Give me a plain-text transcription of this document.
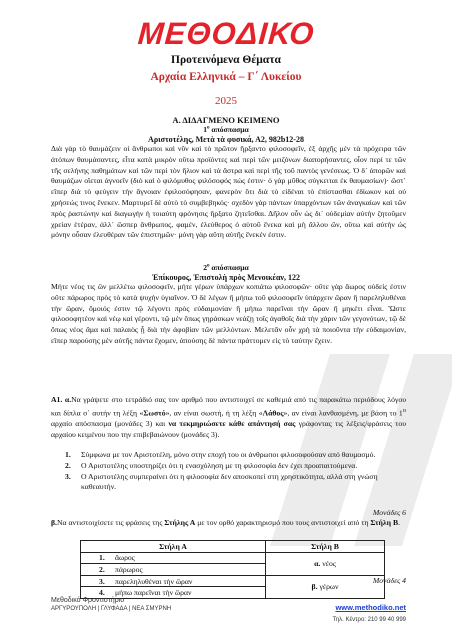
ΜΕΘΟΔΙΚΟ
Προτεινόμενα Θέματα
Αρχαία Ελληνικά – Γ΄ Λυκείου
2025
Α. ΔΙΔΑΓΜΕΝΟ ΚΕΙΜΕΝΟ
$1^o$ απόσπασμα
Αριστοτέλης, Μετὰ τὰ φυσικά, Α2, 982b12-28
Διὰ γὰρ τὸ θαυμάζειν οἱ ἄνθρωποι καὶ νῦν καὶ τὸ πρῶτον ἤρξαντο φιλοσοφεῖν, ἐξ ἀρχῆς μὲν τὰ πρόχειρα τῶν ἀτόπων θαυμάσαντες, εἶτα κατὰ μικρὸν οὕτω προϊόντες καὶ περὶ τῶν μειζόνων διαπορήσαντες, οἷον περί τε τῶν τῆς σελήνης παθημάτων καὶ τῶν περὶ τὸν ἥλιον καὶ τὰ ἄστρα καὶ περὶ τῆς τοῦ παντὸς γενέσεως. Ὁ δ᾽ ἀπορῶν καὶ θαυμάζων οἴεται ἀγνοεῖν (διὸ καὶ ὁ φιλόμυθος φιλόσοφός πώς ἐστιν· ὁ γὰρ μῦθος σύγκειται ἐκ θαυμασίων)· ὥστ᾽ εἴπερ διὰ τὸ φεύγειν τὴν ἄγνοιαν ἐφιλοσόφησαν, φανερὸν ὅτι διὰ τὸ εἰδέναι τὸ ἐπίστασθαι ἐδίωκον καὶ οὐ χρήσεώς τινος ἕνεκεν. Μαρτυρεῖ δὲ αὐτὸ τὸ συμβεβηκός· σχεδὸν γὰρ πάντων ὑπαρχόντων τῶν ἀναγκαίων καὶ τῶν πρὸς ῥαστώνην καὶ διαγωγὴν ἡ τοιαύτη φρόνησις ἤρξατο ζητεῖσθαι. Δῆλον οὖν ὡς δι᾽ οὐδεμίαν αὐτὴν ζητοῦμεν χρείαν ἑτέραν, ἀλλ᾽ ὥσπερ ἄνθρωπος, φαμέν, ἐλεύθερος ὁ αὑτοῦ ἕνεκα καὶ μὴ ἄλλου ὤν, οὕτω καὶ αὐτὴν ὡς μόνην οὖσαν ἐλευθέραν τῶν ἐπιστημῶν· μόνη γὰρ αὕτη αὑτῆς ἕνεκέν ἐστιν.
$2^o$ απόσπασμα
Ἐπίκουρος, Ἐπιστολὴ πρὸς Μενοικέαν, 122
Μήτε νέος τις ὢν μελλέτω φιλοσοφεῖν, μήτε γέρων ὑπάρχων κοπιάτω φιλοσοφῶν· οὔτε γὰρ ἄωρος οὐδείς ἐστιν οὔτε πάρωρος πρὸς τὸ κατὰ ψυχὴν ὑγιαῖνον. Ὁ δὲ λέγων ἢ μήπω τοῦ φιλοσοφεῖν ὑπάρχειν ὥραν ἢ παρεληλυθέναι τὴν ὥραν, ὅμοιός ἐστιν τῷ λέγοντι πρὸς εὐδαιμονίαν ἢ μήπω παρεῖναι τὴν ὥραν ἢ μηκέτι εἶναι. Ὥστε φιλοσοφητέον καὶ νέῳ καὶ γέροντι, τῷ μὲν ὅπως γηράσκων νεάζῃ τοῖς ἀγαθοῖς διὰ τὴν χάριν τῶν γεγονότων, τῷ δὲ ὅπως νέος ἅμα καὶ παλαιὸς ᾖ διὰ τὴν ἀφοβίαν τῶν μελλόντων. Μελετᾶν οὖν χρὴ τὰ ποιοῦντα τὴν εὐδαιμονίαν, εἴπερ παρούσης μὲν αὐτῆς πάντα ἔχομεν, ἀπούσης δὲ πάντα πράττομεν εἰς τὸ ταύτην ἔχειν.
Α1. α.Να γράψετε στο τετράδιό σας τον αριθμό που αντιστοιχεί σε καθεμιά από τις παρακάτω περιόδους λόγου και δίπλα σ΄ αυτήν τη λέξη «Σωστό», αν είναι σωστή, ή τη λέξη «Λάθος», αν είναι λανθασμένη, με βάση το $1^o$ αρχαίο απόσπασμα (μονάδες 3) και να τεκμηριώσετε κάθε απάντησή σας γράφοντας τις λέξεις/φράσεις του αρχαίου κειμένου που την επιβεβαιώνουν (μονάδες 3).
1.	Σύμφωνα με τον Αριστοτέλη, μόνο στην εποχή του οι άνθρωποι φιλοσοφούσαν από θαυμασμό.
2.	Ο Αριστοτέλης υποστηρίζει ότι η ενασχόληση με τη φιλοσοφία δεν έχει προαπαιτούμενα.
3.	Ο Αριστοτέλης συμπεραίνει ότι η φιλοσοφία δεν αποσκοπεί στη χρηστικότητα, αλλά στη γνώση καθεαυτήν.
Μονάδες 6
β.Να αντιστοιχίσετε τις φράσεις της Στήλης Α με τον ορθό χαρακτηρισμό που τους αντιστοιχεί από τη Στήλη Β.
Στήλη Α	Στήλη Β
1. ἄωρος	α. νέος
2. πάρωρος	
3. παρεληλυθέναι τὴν ὥραν	β. γέρων
4. μήπω παρεῖναι τὴν ὥραν	
Μονάδες 4
Μεθοδικό Φροντιστήριο
ΑΡΓΥΡΟΥΠΟΛΗ | ΓΛΥΦΑΔΑ | ΝΕΑ ΣΜΥΡΝΗ	www.methodiko.net
Τηλ. Κέντρο: 210 99 40 999
